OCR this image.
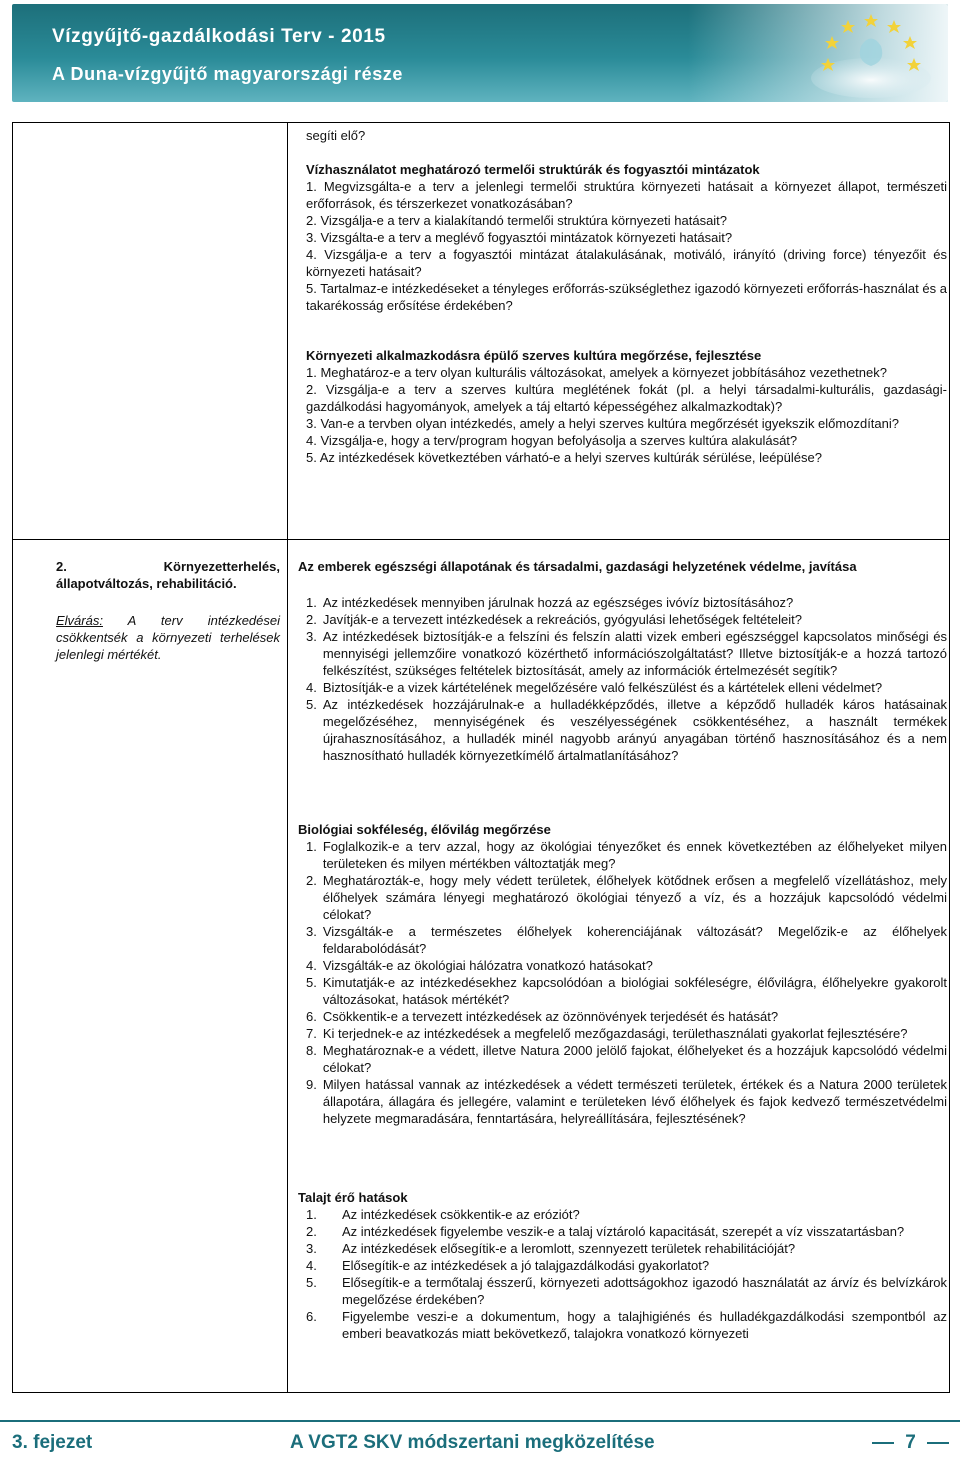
Vízgyűjtő-gazdálkodási Terv - 2015
A Duna-vízgyűjtő magyarországi része
segíti elő?
Vízhasználatot meghatározó termelői struktúrák és fogyasztói mintázatok
1. Megvizsgálta-e a terv a jelenlegi termelői struktúra környezeti hatásait a környezet állapot, természeti erőforrások, és térszerkezet vonatkozásában?
2. Vizsgálja-e a terv a kialakítandó termelői struktúra környezeti hatásait?
3. Vizsgálta-e a terv a meglévő fogyasztói mintázatok környezeti hatásait?
4. Vizsgálja-e a terv a fogyasztói mintázat átalakulásának, motiváló, irányító (driving force) tényezőit és környezeti hatásait?
5. Tartalmaz-e intézkedéseket a tényleges erőforrás-szükséglethez igazodó környezeti erőforrás-használat és a takarékosság erősítése érdekében?
Környezeti alkalmazkodásra épülő szerves kultúra megőrzése, fejlesztése
1. Meghatároz-e a terv olyan kulturális változásokat, amelyek a környezet jobbításához vezethetnek?
2. Vizsgálja-e a terv a szerves kultúra meglétének fokát (pl. a helyi társadalmi-kulturális, gazdasági-gazdálkodási hagyományok, amelyek a táj eltartó képességéhez alkalmazkodtak)?
3. Van-e a tervben olyan intézkedés, amely a helyi szerves kultúra megőrzését igyekszik előmozdítani?
4. Vizsgálja-e, hogy a terv/program hogyan befolyásolja a szerves kultúra alakulását?
5. Az intézkedések következtében várható-e a helyi szerves kultúrák sérülése, leépülése?
2. Környezetterhelés, állapotváltozás, rehabilitáció.
Elvárás: A terv intézkedései csökkentsék a környezeti terhelések jelenlegi mértékét.
Az emberek egészségi állapotának és társadalmi, gazdasági helyzetének védelme, javítása
1. Az intézkedések mennyiben járulnak hozzá az egészséges ivóvíz biztosításához?
2. Javítják-e a tervezett intézkedések a rekreációs, gyógyulási lehetőségek feltételeit?
3. Az intézkedések biztosítják-e a felszíni és felszín alatti vizek emberi egészséggel kapcsolatos minőségi és mennyiségi jellemzőire vonatkozó közérthető információszolgáltatást? Illetve biztosítják-e a hozzá tartozó felkészítést, szükséges feltételek biztosítását, amely az információk értelmezését segítik?
4. Biztosítják-e a vizek kártételének megelőzésére való felkészülést és a kártételek elleni védelmet?
5. Az intézkedések hozzájárulnak-e a hulladékképződés, illetve a képződő hulladék káros hatásainak megelőzéséhez, mennyiségének és veszélyességének csökkentéséhez, a használt termékek újrahasznosításához, a hulladék minél nagyobb arányú anyagában történő hasznosításához és a nem hasznosítható hulladék környezetkímélő ártalmatlanításához?
Biológiai sokféleség, élővilág megőrzése
1. Foglalkozik-e a terv azzal, hogy az ökológiai tényezőket és ennek következtében az élőhelyeket milyen területeken és milyen mértékben változtatják meg?
2. Meghatározták-e, hogy mely védett területek, élőhelyek kötődnek erősen a megfelelő vízellátáshoz, mely élőhelyek számára lényegi meghatározó ökológiai tényező a víz, és a hozzájuk kapcsolódó védelmi célokat?
3. Vizsgálták-e a természetes élőhelyek koherenciájának változását? Megelőzik-e az élőhelyek feldarabolódását?
4. Vizsgálták-e az ökológiai hálózatra vonatkozó hatásokat?
5. Kimutatják-e az intézkedésekhez kapcsolódóan a biológiai sokféleségre, élővilágra, élőhelyekre gyakorolt változásokat, hatások mértékét?
6. Csökkentik-e a tervezett intézkedések az özönnövények terjedését és hatását?
7. Ki terjednek-e az intézkedések a megfelelő mezőgazdasági, területhasználati gyakorlat fejlesztésére?
8. Meghatároznak-e a védett, illetve Natura 2000 jelölő fajokat, élőhelyeket és a hozzájuk kapcsolódó védelmi célokat?
9. Milyen hatással vannak az intézkedések a védett természeti területek, értékek és a Natura 2000 területek állapotára, állagára és jellegére, valamint e területeken lévő élőhelyek és fajok kedvező természetvédelmi helyzete megmaradására, fenntartására, helyreállítására, fejlesztésének?
Talajt érő hatások
1.	Az intézkedések csökkentik-e az eróziót?
2.	Az intézkedések figyelembe veszik-e a talaj víztároló kapacitását, szerepét a víz visszatartásban?
3.	Az intézkedések elősegítik-e a leromlott, szennyezett területek rehabilitációját?
4.	Elősegítik-e az intézkedések a jó talajgazdálkodási gyakorlatot?
5.	Elősegítik-e a termőtalaj ésszerű, környezeti adottságokhoz igazodó használatát az árvíz és belvízkárok megelőzése érdekében?
6.	Figyelembe veszi-e a dokumentum, hogy a talajhigiénés és hulladékgazdálkodási szempontból az emberi beavatkozás miatt bekövetkező, talajokra vonatkozó környezeti
3. fejezet	A VGT2 SKV módszertani megközelítése	7
